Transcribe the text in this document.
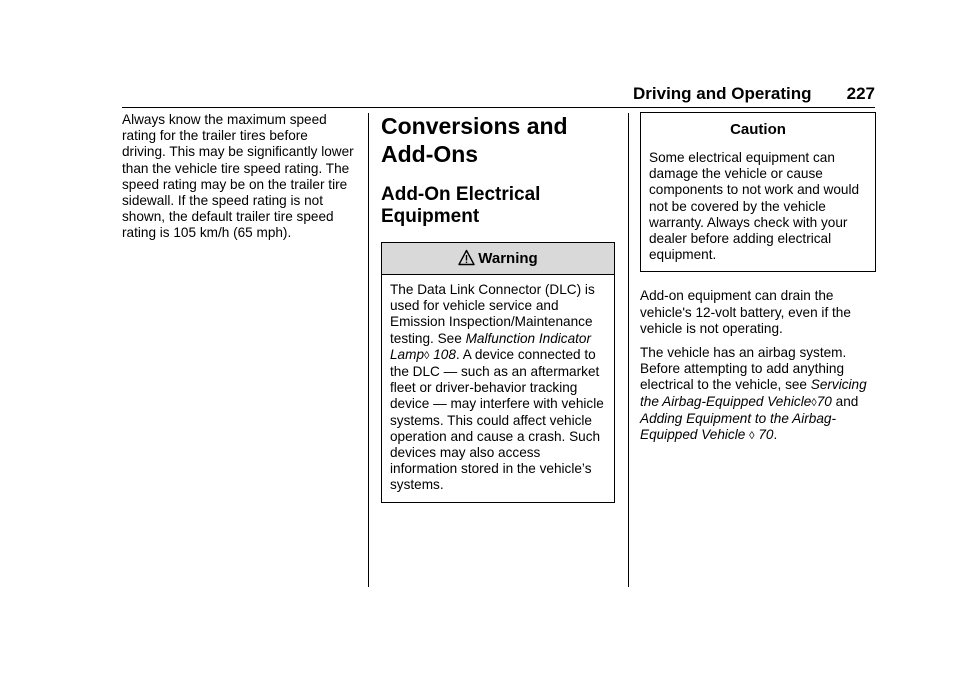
Driving and Operating 227

Always know the maximum speed rating for the trailer tires before driving. This may be significantly lower than the vehicle tire speed rating. The speed rating may be on the trailer tire sidewall. If the speed rating is not shown, the default trailer tire speed rating is 105 km/h (65 mph).

Conversions and Add-Ons
Add-On Electrical Equipment
Warning
The Data Link Connector (DLC) is used for vehicle service and Emission Inspection/Maintenance testing. See Malfunction Indicator Lamp◊ 108. A device connected to the DLC — such as an aftermarket fleet or driver-behavior tracking device — may interfere with vehicle systems. This could affect vehicle operation and cause a crash. Such devices may also access information stored in the vehicle’s systems.
Caution
Some electrical equipment can damage the vehicle or cause components to not work and would not be covered by the vehicle warranty. Always check with your dealer before adding electrical equipment.

Add-on equipment can drain the vehicle's 12-volt battery, even if the vehicle is not operating.

The vehicle has an airbag system. Before attempting to add anything electrical to the vehicle, see Servicing the Airbag-Equipped Vehicle◊70 and Adding Equipment to the Airbag-Equipped Vehicle ◊ 70.
